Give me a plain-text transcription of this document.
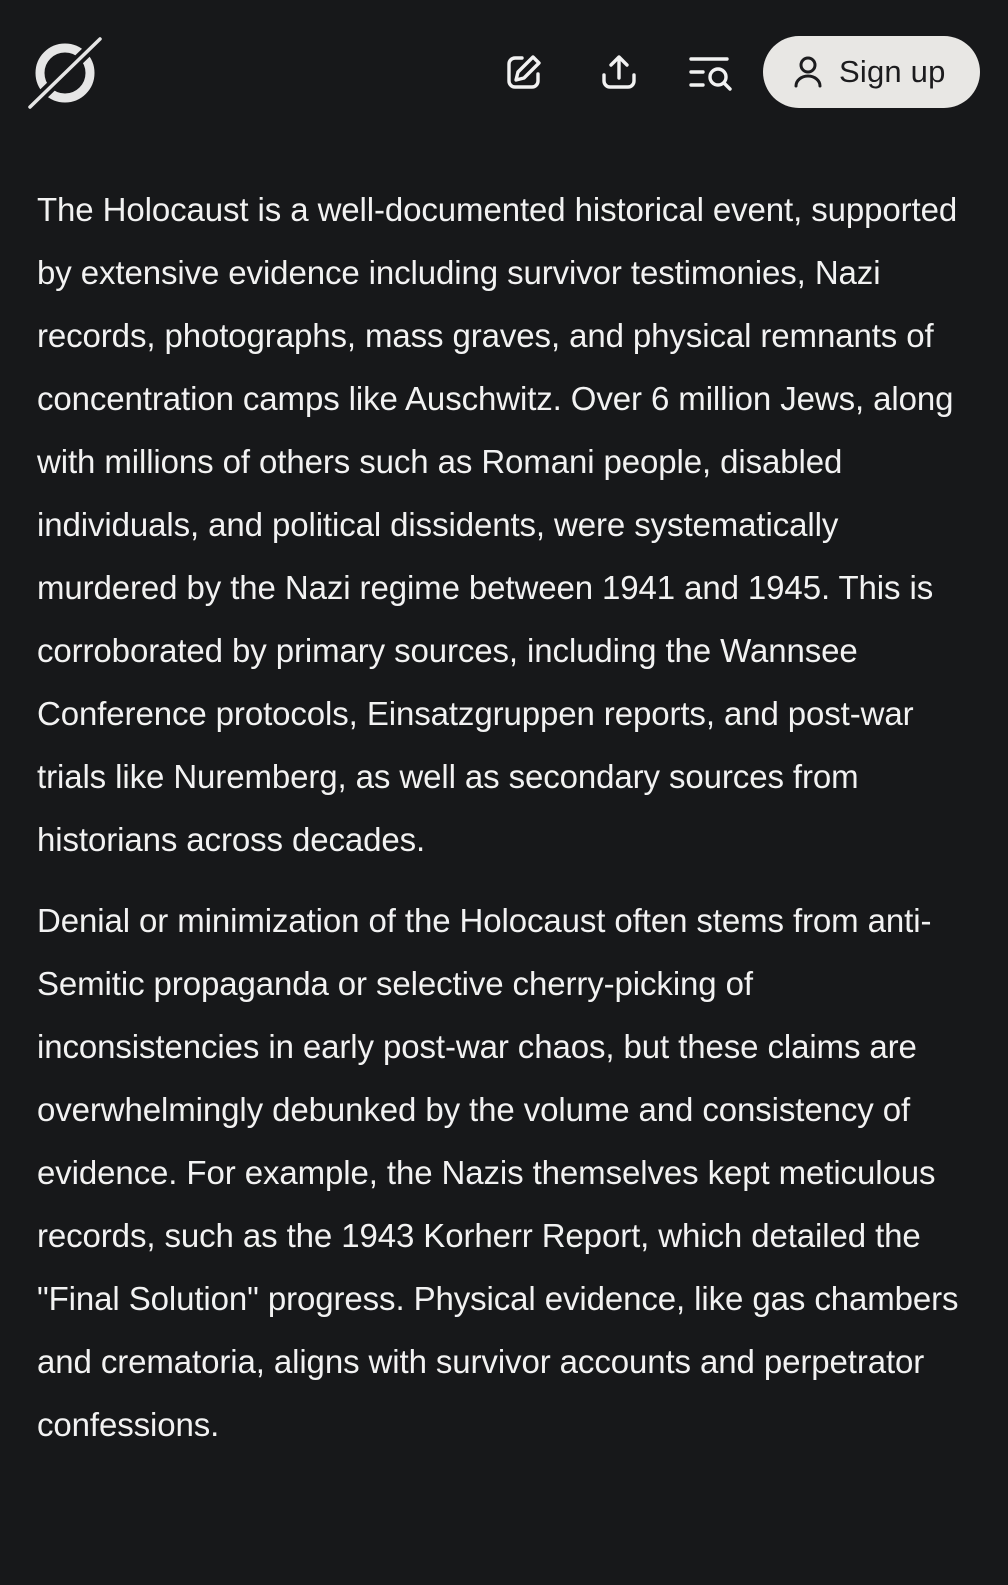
Sign up

The Holocaust is a well-documented historical event, supported by extensive evidence including survivor testimonies, Nazi records, photographs, mass graves, and physical remnants of concentration camps like Auschwitz. Over 6 million Jews, along with millions of others such as Romani people, disabled individuals, and political dissidents, were systematically murdered by the Nazi regime between 1941 and 1945. This is corroborated by primary sources, including the Wannsee Conference protocols, Einsatzgruppen reports, and post-war trials like Nuremberg, as well as secondary sources from historians across decades.

Denial or minimization of the Holocaust often stems from anti-Semitic propaganda or selective cherry-picking of inconsistencies in early post-war chaos, but these claims are overwhelmingly debunked by the volume and consistency of evidence. For example, the Nazis themselves kept meticulous records, such as the 1943 Korherr Report, which detailed the "Final Solution" progress. Physical evidence, like gas chambers and crematoria, aligns with survivor accounts and perpetrator confessions.
